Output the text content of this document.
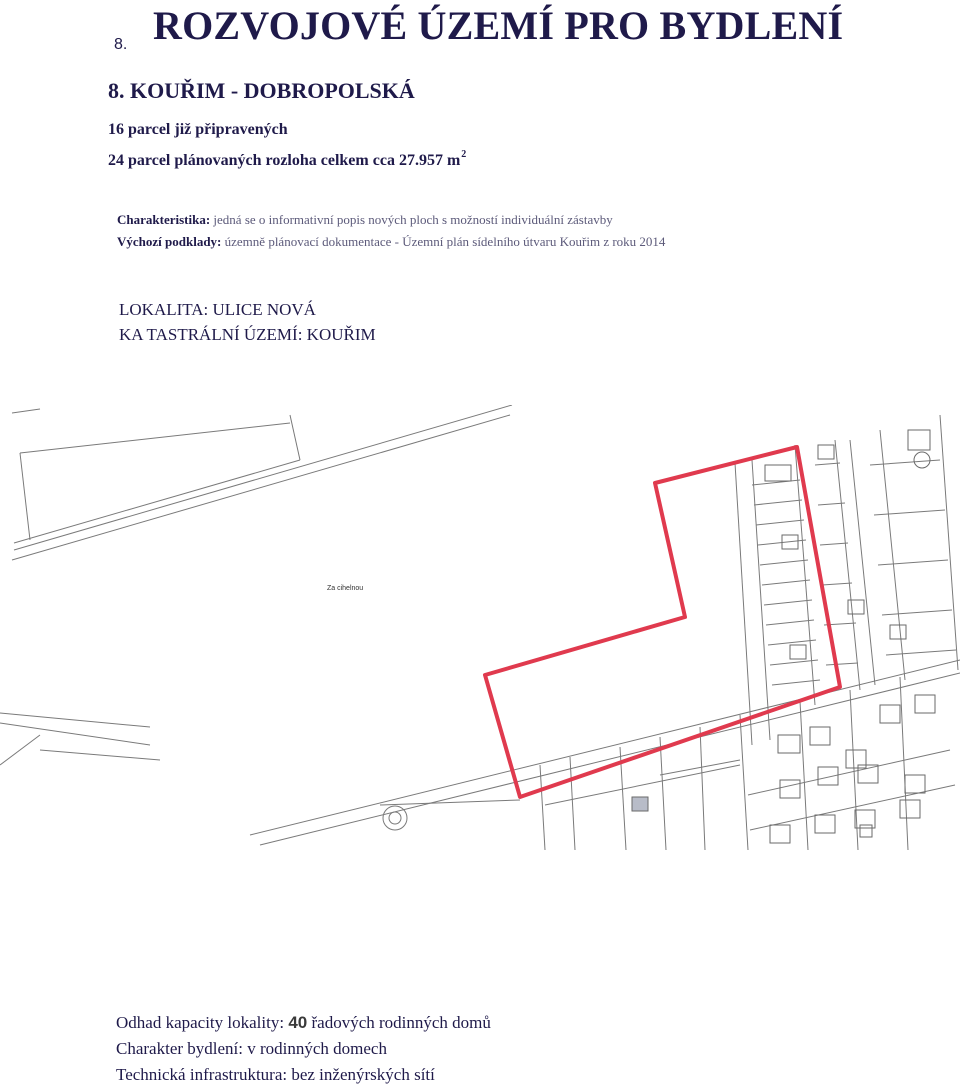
8. ROZVOJOVÉ ÚZEMÍ PRO BYDLENÍ
8. KOUŘIM - DOBROPOLSKÁ
16 parcel již připravených
24 parcel plánovaných rozloha celkem cca 27.957 $m^2$
Charakteristika: jedná se o informativní popis nových ploch s možností individuální zástavby
Výchozí podklady: územně plánovací dokumentace - Územní plán sídelního útvaru Kouřim z roku 2014
LOKALITA: ULICE NOVÁ
KA TASTRÁLNÍ ÚZEMÍ: KOUŘIM
Za cihelnou
Odhad kapacity lokality: 40 řadových rodinných domů
Charakter bydlení: v rodinných domech
Technická infrastruktura: bez inženýrských sítí
